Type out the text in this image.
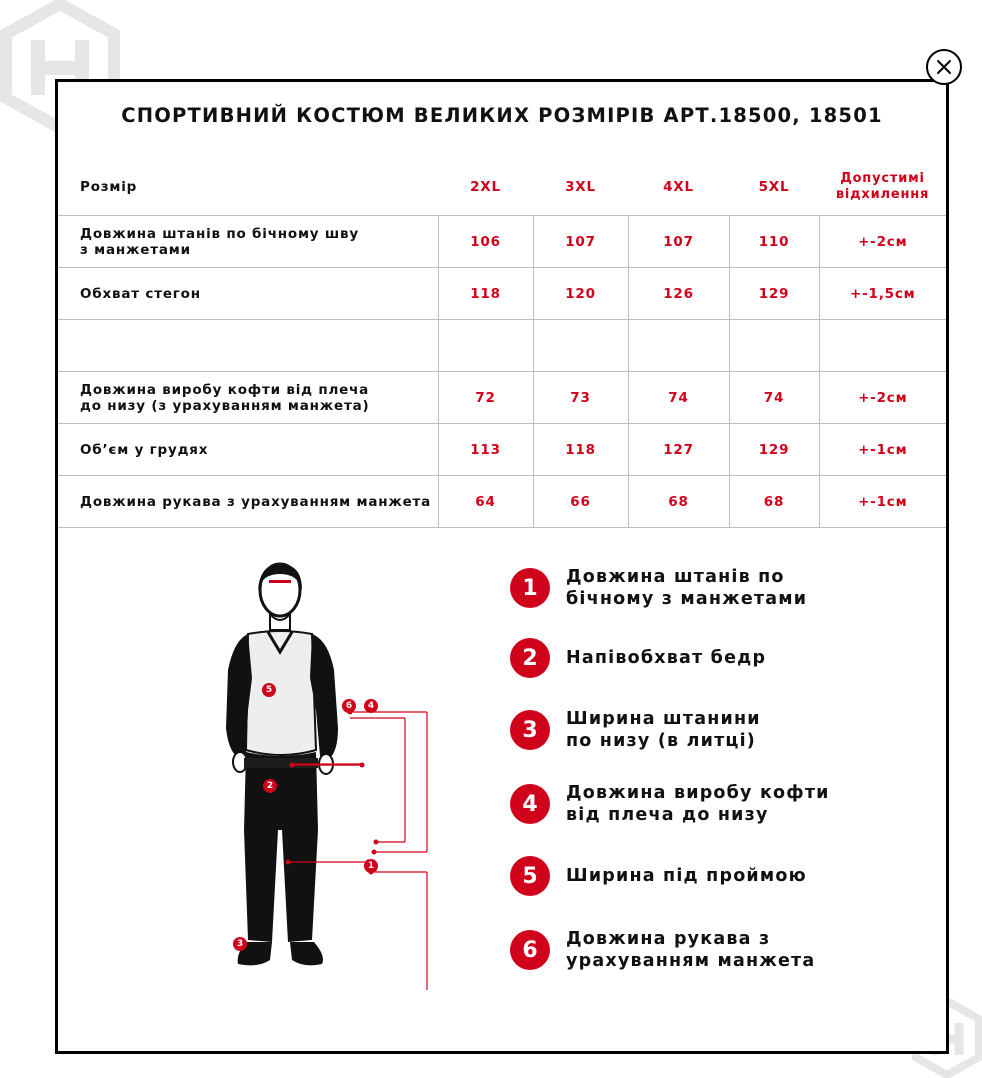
СПОРТИВНИЙ КОСТЮМ ВЕЛИКИХ РОЗМІРІВ АРТ.18500, 18501
Розмір	2XL	3XL	4XL	5XL	Допустимі відхилення
Довжина штанів по бічному шву
з манжетами	106	107	107	110	+-2см
Обхват стегон	118	120	126	129	+-1,5см

Довжина виробу кофти від плеча
до низу (з урахуванням манжета)	72	73	74	74	+-2см
Об’єм у грудях	113	118	127	129	+-1см
Довжина рукава з урахуванням манжета	64	66	68	68	+-1см
1
2
3
4
5
6
1	Довжина штанів по
бічному з манжетами
2	Напівобхват бедр
3	Ширина штанини
по низу (в литці)
4	Довжина виробу кофти
від плеча до низу
5	Ширина під проймою
6	Довжина рукава з
урахуванням манжета
